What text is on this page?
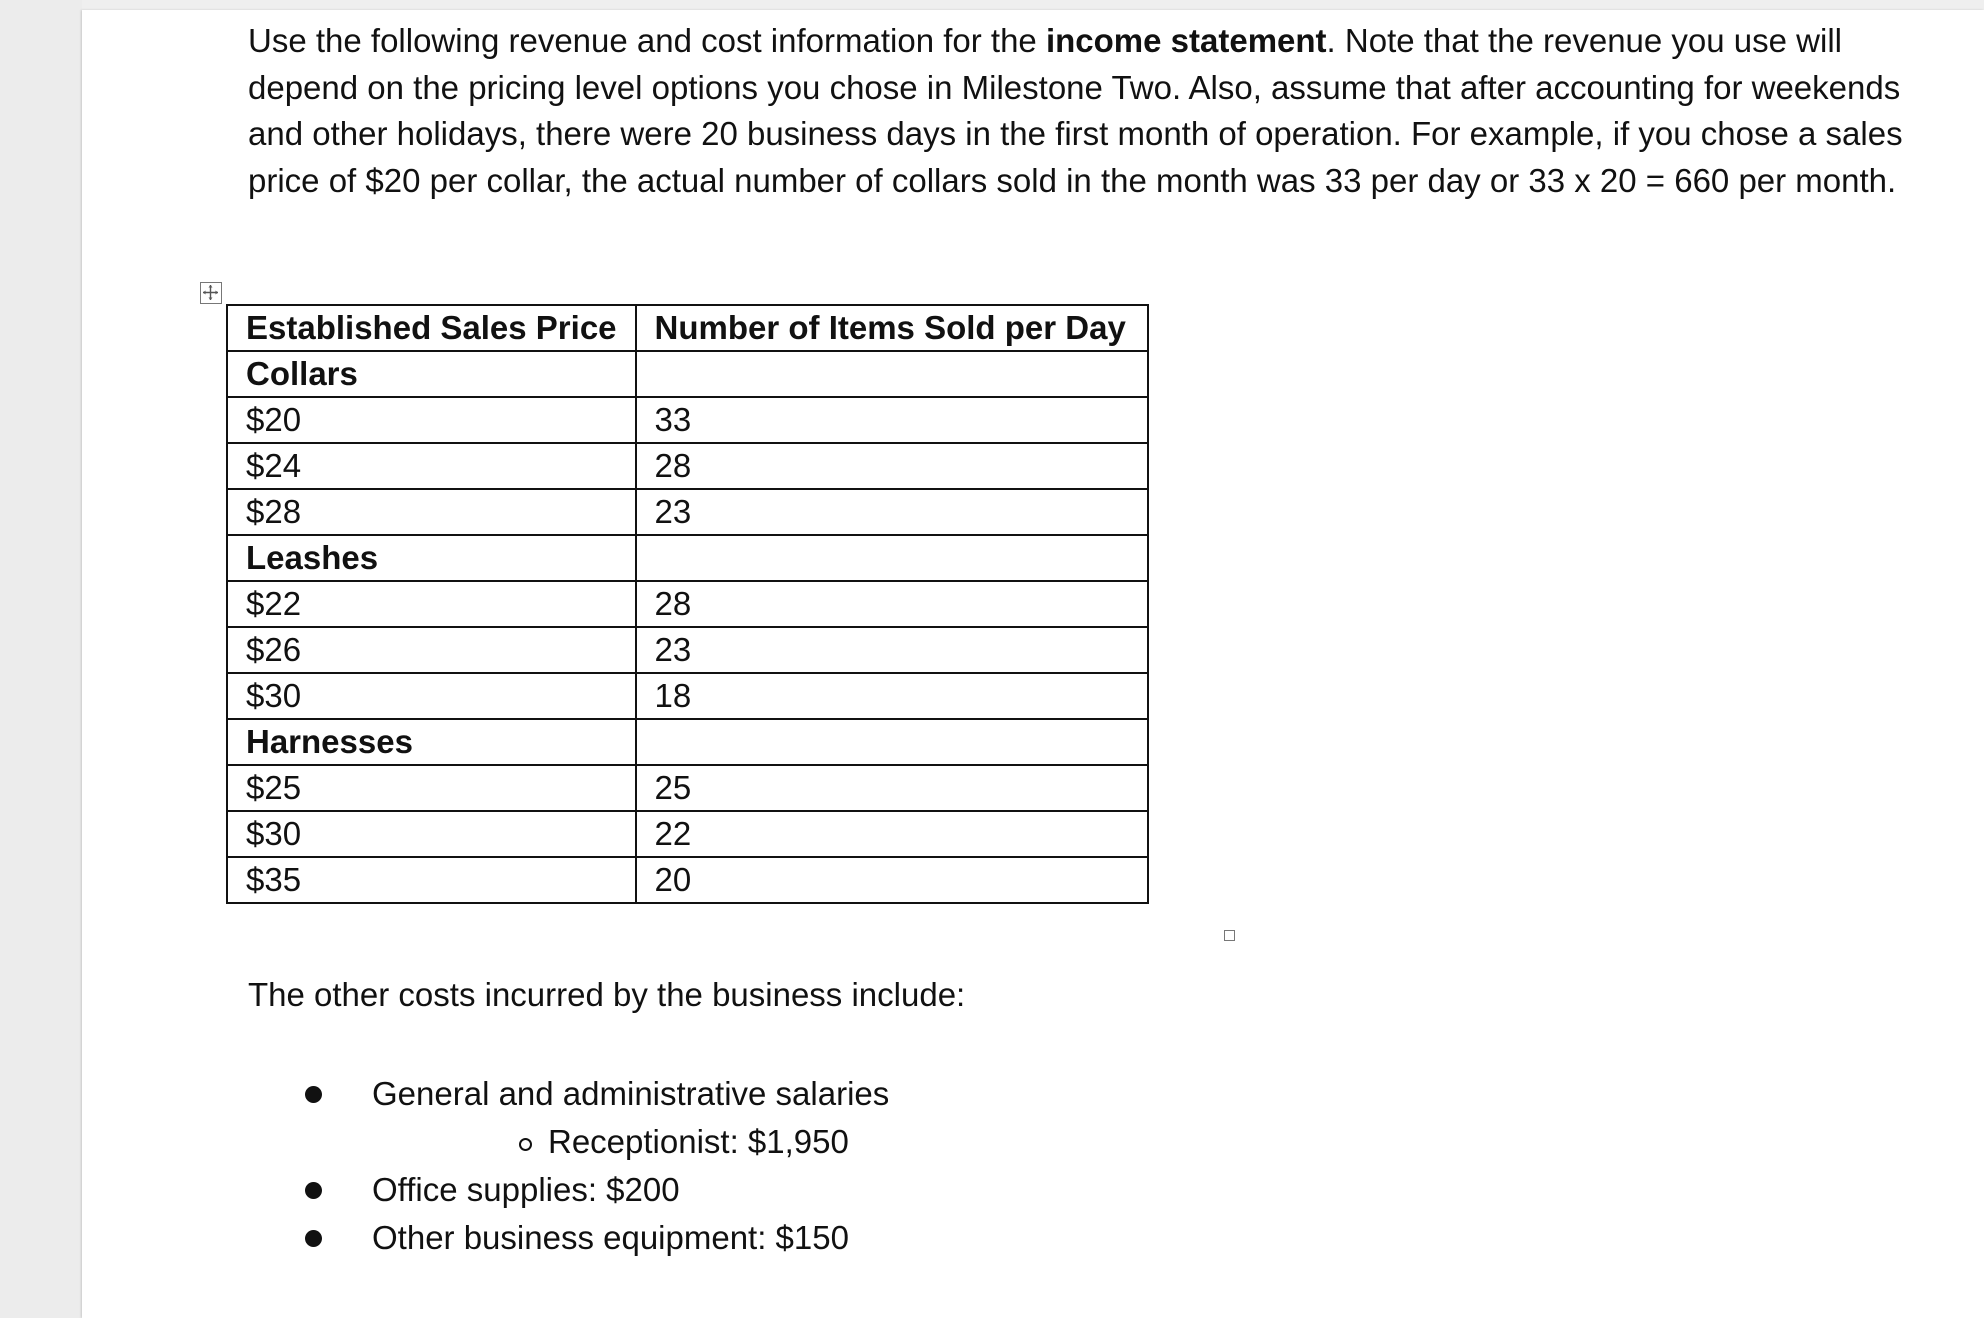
Use the following revenue and cost information for the income statement. Note that the revenue you use will depend on the pricing level options you chose in Milestone Two. Also, assume that after accounting for weekends and other holidays, there were 20 business days in the first month of operation. For example, if you chose a sales price of $20 per collar, the actual number of collars sold in the month was 33 per day or 33 x 20 = 660 per month.

Established Sales Price	Number of Items Sold per Day
Collars	
$20	33
$24	28
$28	23
Leashes	
$22	28
$26	23
$30	18
Harnesses	
$25	25
$30	22
$35	20

The other costs incurred by the business include:

General and administrative salaries
Receptionist: $1,950
Office supplies: $200
Other business equipment: $150
